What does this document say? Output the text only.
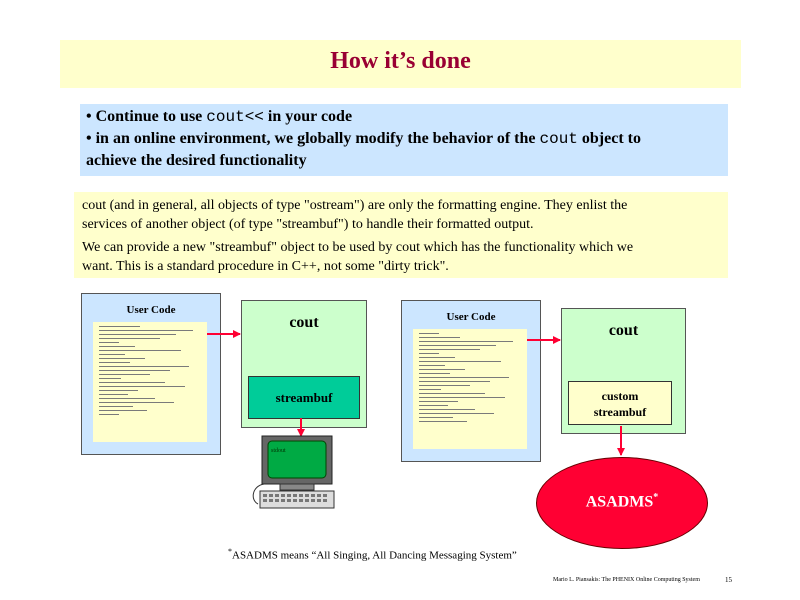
How it’s done
• Continue to use cout<< in your code
• in an online environment, we globally modify the behavior of the cout object to
achieve the desired functionality
cout (and in general, all objects of type "ostream") are only the formatting engine. They enlist the
services of another object (of type "streambuf") to handle their formatted output.
We can provide a new "streambuf" object to be used by cout which has the functionality which we
want. This is a standard procedure in C++, not some "dirty trick".
User Code
cout
streambuf
User Code
cout
custom
streambuf
ASADMS*
stdout
*ASADMS means “All Singing, All Dancing Messaging System”
Mario L. Piansakis: The PHENIX Online Computing System	15
